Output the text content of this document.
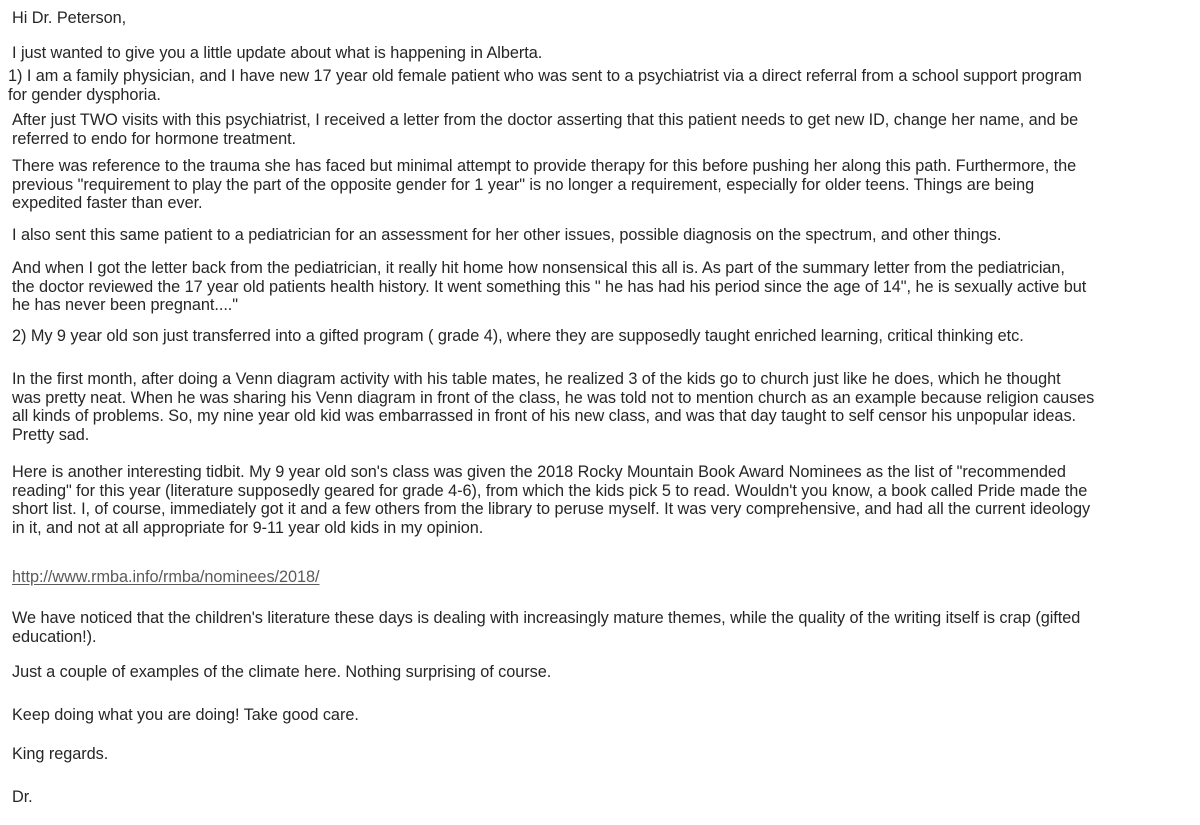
Hi Dr. Peterson,

I just wanted to give you a little update about what is happening in Alberta.

1) I am a family physician, and I have new 17 year old female patient who was sent to a psychiatrist via a direct referral from a school support program
for gender dysphoria.

After just TWO visits with this psychiatrist, I received a letter from the doctor asserting that this patient needs to get new ID, change her name, and be
referred to endo for hormone treatment.

There was reference to the trauma she has faced but minimal attempt to provide therapy for this before pushing her along this path. Furthermore, the
previous "requirement to play the part of the opposite gender for 1 year" is no longer a requirement, especially for older teens. Things are being
expedited faster than ever.

I also sent this same patient to a pediatrician for an assessment for her other issues, possible diagnosis on the spectrum, and other things.

And when I got the letter back from the pediatrician, it really hit home how nonsensical this all is. As part of the summary letter from the pediatrician,
the doctor reviewed the 17 year old patients health history. It went something this " he has had his period since the age of 14", he is sexually active but
he has never been pregnant...."

2) My 9 year old son just transferred into a gifted program ( grade 4), where they are supposedly taught enriched learning, critical thinking etc.

In the first month, after doing a Venn diagram activity with his table mates, he realized 3 of the kids go to church just like he does, which he thought
was pretty neat. When he was sharing his Venn diagram in front of the class, he was told not to mention church as an example because religion causes
all kinds of problems. So, my nine year old kid was embarrassed in front of his new class, and was that day taught to self censor his unpopular ideas.
Pretty sad.

Here is another interesting tidbit. My 9 year old son's class was given the 2018 Rocky Mountain Book Award Nominees as the list of "recommended
reading" for this year (literature supposedly geared for grade 4-6), from which the kids pick 5 to read. Wouldn't you know, a book called Pride made the
short list. I, of course, immediately got it and a few others from the library to peruse myself. It was very comprehensive, and had all the current ideology
in it, and not at all appropriate for 9-11 year old kids in my opinion.

http://www.rmba.info/rmba/nominees/2018/

We have noticed that the children's literature these days is dealing with increasingly mature themes, while the quality of the writing itself is crap (gifted
education!).

Just a couple of examples of the climate here. Nothing surprising of course.

Keep doing what you are doing! Take good care.

King regards.

Dr.
